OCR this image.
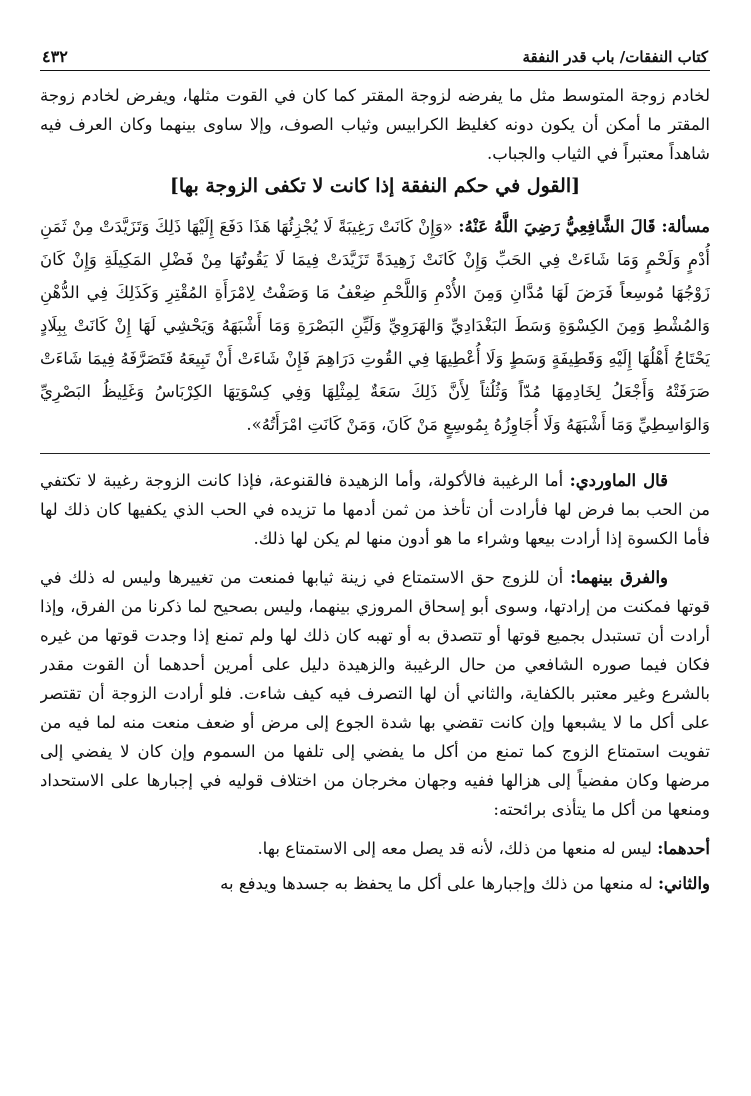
كتاب النفقات/ باب قدر النفقة
٤٣٢

لخادم زوجة المتوسط مثل ما يفرضه لزوجة المقتر كما كان في القوت مثلها، ويفرض لخادم زوجة المقتر ما أمكن أن يكون دونه كغليظ الكرابيس وثياب الصوف، وإلا ساوى بينهما وكان العرف فيه شاهداً معتبراً في الثياب والجباب.

[القول في حكم النفقة إذا كانت لا تكفى الزوجة بها]

مسألة: قَالَ الشَّافِعِيُّ رَضِيَ اللَّهُ عَنْهُ: «وَإِنْ كَانَتْ رَغِيبَةً لَا يُجْزِئُهَا هَذَا دَفَعَ إِلَيْهَا ذَلِكَ وَتَزَيَّدَتْ مِنْ ثَمَنِ أُدْمٍ وَلَحْمٍ وَمَا شَاءَتْ فِي الحَبِّ وَإِنْ كَانَتْ زَهِيدَةً تَزَيَّدَتْ فِيمَا لَا يَقُوتُهَا مِنْ فَضْلِ المَكِيلَةِ وَإِنْ كَانَ زَوْجُهَا مُوسِعاً فَرَضَ لَهَا مُدَّانِ وَمِنَ الأُدْمِ وَاللَّحْمِ ضِعْفُ مَا وَصَفْتُ لِامْرَأَةِ المُقْتِرِ وَكَذَلِكَ فِي الدُّهْنِ وَالمُشْطِ وَمِنَ الكِسْوَةِ وَسَطَ البَغْدَادِيِّ وَالهَرَوِيِّ وَلَيِّنِ البَصْرَةِ وَمَا أَشْبَهَهُ وَيَحْشِي لَهَا إِنْ كَانَتْ بِبِلَادٍ يَحْتَاجُ أَهْلُهَا إِلَيْهِ وَقَطِيفَةٍ وَسَطٍ وَلَا أُعْطِيهَا فِي القُوتِ دَرَاهِمَ فَإِنْ شَاءَتْ أَنْ تَبِيعَهُ فَتَصَرَّفَهُ فِيمَا شَاءَتْ صَرَفَتْهُ وَأَجْعَلُ لِخَادِمِهَا مُدّاً وَثُلُثاً لِأَنَّ ذَلِكَ سَعَةٌ لِمِثْلِهَا وَفِي كِسْوَتِهَا الكِرْبَاسُ وَغَلِيظُ البَصْرِيِّ وَالوَاسِطِيِّ وَمَا أَشْبَهَهُ وَلَا أُجَاوِزُهُ بِمُوسِعٍ مَنْ كَانَ، وَمَنْ كَانَتِ امْرَأَتُهُ».

قال الماوردي: أما الرغيبة فالأكولة، وأما الزهيدة فالقنوعة، فإذا كانت الزوجة رغيبة لا تكتفي من الحب بما فرض لها فأرادت أن تأخذ من ثمن أدمها ما تزيده في الحب الذي يكفيها كان ذلك لها فأما الكسوة إذا أرادت بيعها وشراء ما هو أدون منها لم يكن لها ذلك.

والفرق بينهما: أن للزوج حق الاستمتاع في زينة ثيابها فمنعت من تغييرها وليس له ذلك في قوتها فمكنت من إرادتها، وسوى أبو إسحاق المروزي بينهما، وليس بصحيح لما ذكرنا من الفرق، وإذا أرادت أن تستبدل بجميع قوتها أو تتصدق به أو تهبه كان ذلك لها ولم تمنع إذا وجدت قوتها من غيره فكان فيما صوره الشافعي من حال الرغيبة والزهيدة دليل على أمرين أحدهما أن القوت مقدر بالشرع وغير معتبر بالكفاية، والثاني أن لها التصرف فيه كيف شاءت. فلو أرادت الزوجة أن تقتصر على أكل ما لا يشبعها وإن كانت تقضي بها شدة الجوع إلى مرض أو ضعف منعت منه لما فيه من تفويت استمتاع الزوج كما تمنع من أكل ما يفضي إلى تلفها من السموم وإن كان لا يفضي إلى مرضها وكان مفضياً إلى هزالها ففيه وجهان مخرجان من اختلاف قوليه في إجبارها على الاستحداد ومنعها من أكل ما يتأذى برائحته:

أحدهما: ليس له منعها من ذلك، لأنه قد يصل معه إلى الاستمتاع بها.

والثاني: له منعها من ذلك وإجبارها على أكل ما يحفظ به جسدها ويدفع به
